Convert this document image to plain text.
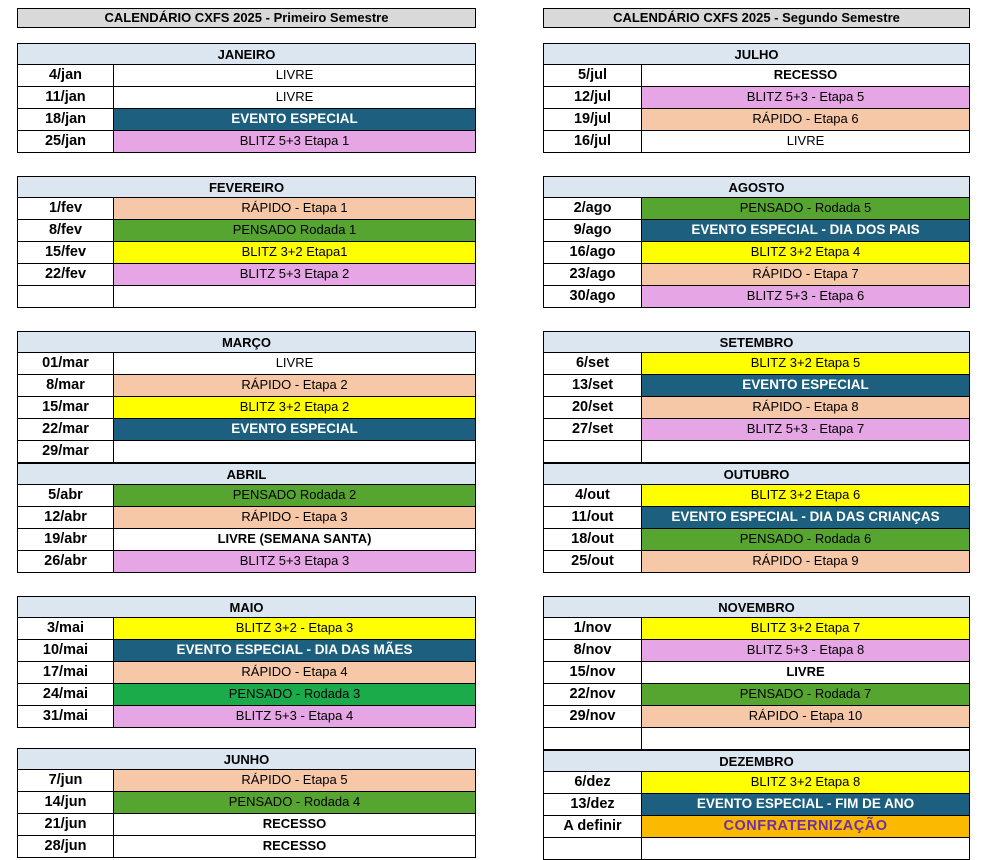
CALENDÁRIO CXFS 2025 - Primeiro Semestre
JANEIRO
4/jan	LIVRE
11/jan	LIVRE
18/jan	EVENTO ESPECIAL
25/jan	BLITZ 5+3 Etapa 1
FEVEREIRO
1/fev	RÁPIDO - Etapa 1
8/fev	PENSADO Rodada 1
15/fev	BLITZ 3+2 Etapa1
22/fev	BLITZ 5+3 Etapa 2
MARÇO
01/mar	LIVRE
8/mar	RÁPIDO - Etapa 2
15/mar	BLITZ 3+2 Etapa 2
22/mar	EVENTO ESPECIAL
29/mar
ABRIL
5/abr	PENSADO Rodada 2
12/abr	RÁPIDO - Etapa 3
19/abr	LIVRE (SEMANA SANTA)
26/abr	BLITZ 5+3 Etapa 3
MAIO
3/mai	BLITZ 3+2 - Etapa 3
10/mai	EVENTO ESPECIAL - DIA DAS MÃES
17/mai	RÁPIDO - Etapa 4
24/mai	PENSADO - Rodada 3
31/mai	BLITZ 5+3 - Etapa 4
JUNHO
7/jun	RÁPIDO - Etapa 5
14/jun	PENSADO - Rodada 4
21/jun	RECESSO
28/jun	RECESSO
CALENDÁRIO CXFS 2025 - Segundo Semestre
JULHO
5/jul	RECESSO
12/jul	BLITZ 5+3 - Etapa 5
19/jul	RÁPIDO - Etapa 6
16/jul	LIVRE
AGOSTO
2/ago	PENSADO - Rodada 5
9/ago	EVENTO ESPECIAL - DIA DOS PAIS
16/ago	BLITZ 3+2 Etapa 4
23/ago	RÁPIDO - Etapa 7
30/ago	BLITZ 5+3 - Etapa 6
SETEMBRO
6/set	BLITZ 3+2 Etapa 5
13/set	EVENTO ESPECIAL
20/set	RÁPIDO - Etapa 8
27/set	BLITZ 5+3 - Etapa 7
OUTUBRO
4/out	BLITZ 3+2 Etapa 6
11/out	EVENTO ESPECIAL - DIA DAS CRIANÇAS
18/out	PENSADO - Rodada 6
25/out	RÁPIDO - Etapa 9
NOVEMBRO
1/nov	BLITZ 3+2 Etapa 7
8/nov	BLITZ 5+3 - Etapa 8
15/nov	LIVRE
22/nov	PENSADO - Rodada 7
29/nov	RÁPIDO - Etapa 10
DEZEMBRO
6/dez	BLITZ 3+2 Etapa 8
13/dez	EVENTO ESPECIAL - FIM DE ANO
A definir	CONFRATERNIZAÇÃO
